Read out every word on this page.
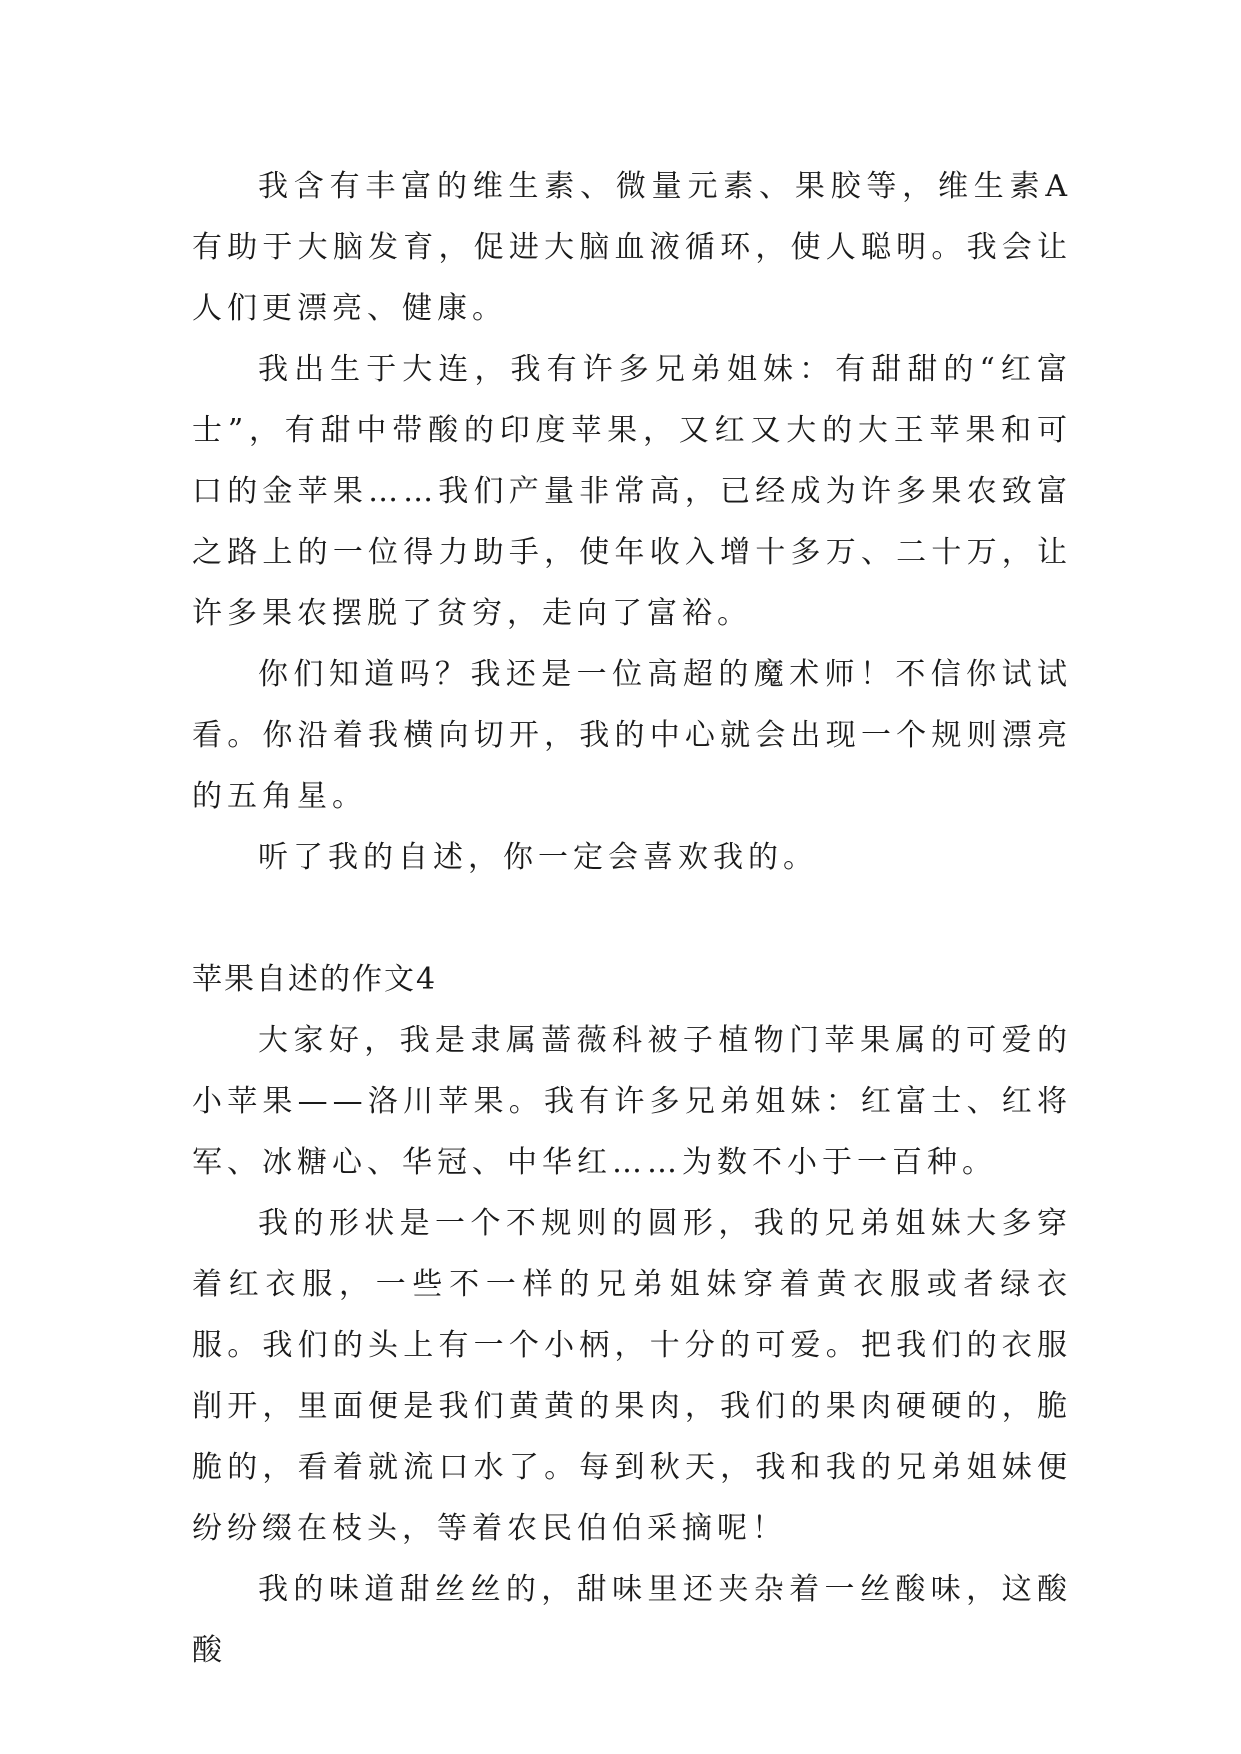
我含有丰富的维生素、微量元素、果胶等，维生素A有助于大脑发育，促进大脑血液循环，使人聪明。我会让人们更漂亮、健康。

我出生于大连，我有许多兄弟姐妹：有甜甜的“红富士”，有甜中带酸的印度苹果，又红又大的大王苹果和可口的金苹果……我们产量非常高，已经成为许多果农致富之路上的一位得力助手，使年收入增十多万、二十万，让许多果农摆脱了贫穷，走向了富裕。

你们知道吗？我还是一位高超的魔术师！不信你试试看。你沿着我横向切开，我的中心就会出现一个规则漂亮的五角星。

听了我的自述，你一定会喜欢我的。

苹果自述的作文4

大家好，我是隶属蔷薇科被子植物门苹果属的可爱的小苹果——洛川苹果。我有许多兄弟姐妹：红富士、红将军、冰糖心、华冠、中华红……为数不小于一百种。

我的形状是一个不规则的圆形，我的兄弟姐妹大多穿着红衣服，一些不一样的兄弟姐妹穿着黄衣服或者绿衣服。我们的头上有一个小柄，十分的可爱。把我们的衣服削开，里面便是我们黄黄的果肉，我们的果肉硬硬的，脆脆的，看着就流口水了。每到秋天，我和我的兄弟姐妹便纷纷缀在枝头，等着农民伯伯采摘呢！

我的味道甜丝丝的，甜味里还夹杂着一丝酸味，这酸酸
